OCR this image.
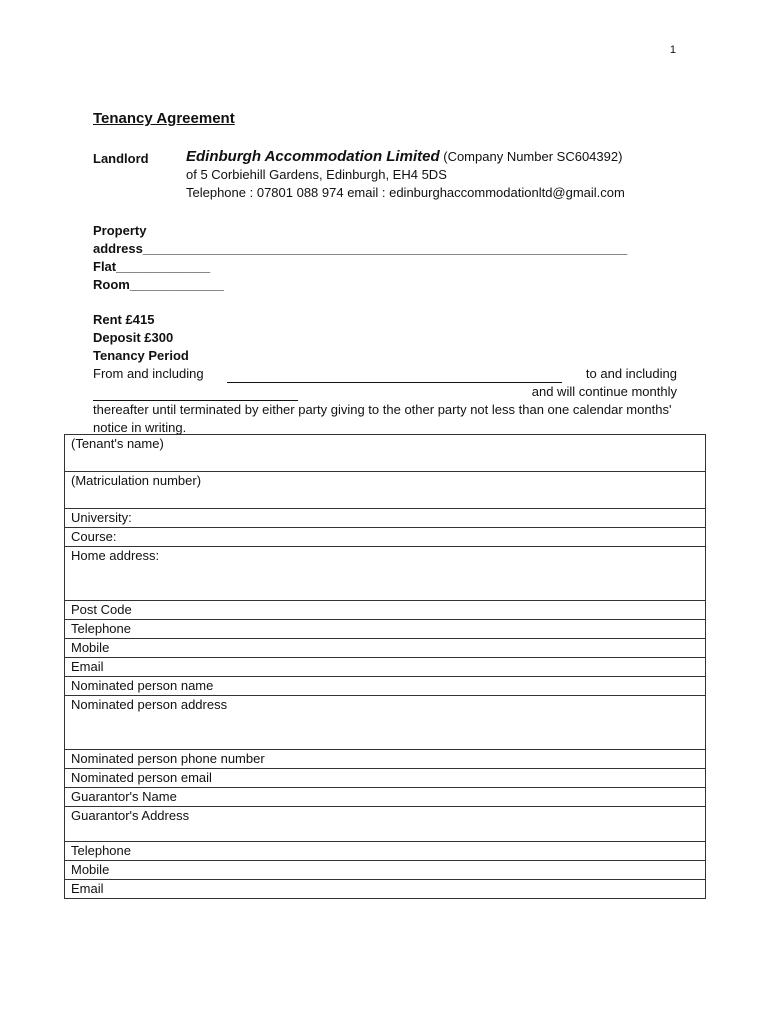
1
Tenancy Agreement
Landlord Edinburgh Accommodation Limited (Company Number SC604392)
of 5 Corbiehill Gardens, Edinburgh, EH4 5DS
Telephone : 07801 088 974 email : edinburghaccommodationltd@gmail.com
Property
address___________________________________________________________________
Flat_____________
Room_____________
Rent £415
Deposit £300
Tenancy Period
From and including	to and including
and will continue monthly
thereafter until terminated by either party giving to the other party not less than one calendar months' notice in writing.
(Tenant's name)
(Matriculation number)
University:
Course:
Home address:
Post Code
Telephone
Mobile
Email
Nominated person name
Nominated person address
Nominated person phone number
Nominated person email
Guarantor's Name
Guarantor's Address
Telephone
Mobile
Email
